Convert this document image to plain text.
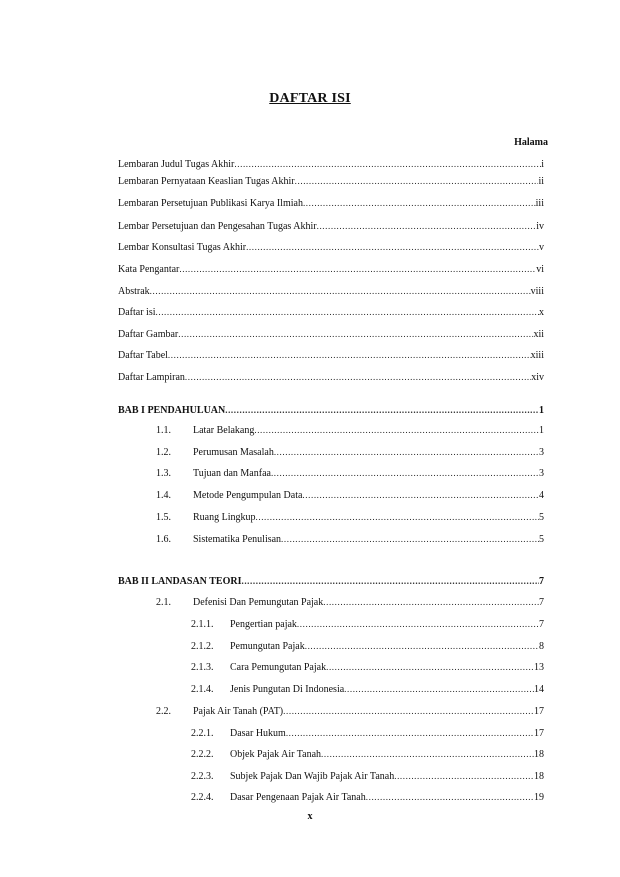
DAFTAR ISI
Halama
Lembaran Judul Tugas Akhir .....	i
Lembaran Pernyataan Keaslian Tugas Akhir .....	ii
Lembaran Persetujuan Publikasi Karya Ilmiah .....	iii
Lembar Persetujuan dan Pengesahan Tugas Akhir .....	iv
Lembar Konsultasi Tugas Akhir .....	v
Kata Pengantar .....	vi
Abstrak .....	viii
Daftar isi .....	x
Daftar Gambar .....	xii
Daftar Tabel .....	xiii
Daftar Lampiran .....	xiv
BAB I PENDAHULUAN .....	1
1.1.	Latar Belakang .....	1
1.2.	Perumusan Masalah .....	3
1.3.	Tujuan dan Manfaa .....	3
1.4.	Metode Pengumpulan Data .....	4
1.5.	Ruang Lingkup .....	5
1.6.	Sistematika Penulisan .....	5
BAB II LANDASAN TEORI .....	7
2.1.	Defenisi Dan Pemungutan Pajak .....	7
2.1.1.	Pengertian pajak .....	7
2.1.2.	Pemungutan Pajak .....	8
2.1.3.	Cara Pemungutan Pajak .....	13
2.1.4.	Jenis Pungutan Di Indonesia .....	14
2.2.	Pajak Air Tanah (PAT) .....	17
2.2.1.	Dasar Hukum .....	17
2.2.2.	Objek Pajak Air Tanah .....	18
2.2.3.	Subjek Pajak Dan Wajib Pajak Air Tanah .....	18
2.2.4.	Dasar Pengenaan Pajak Air Tanah .....	19
x
